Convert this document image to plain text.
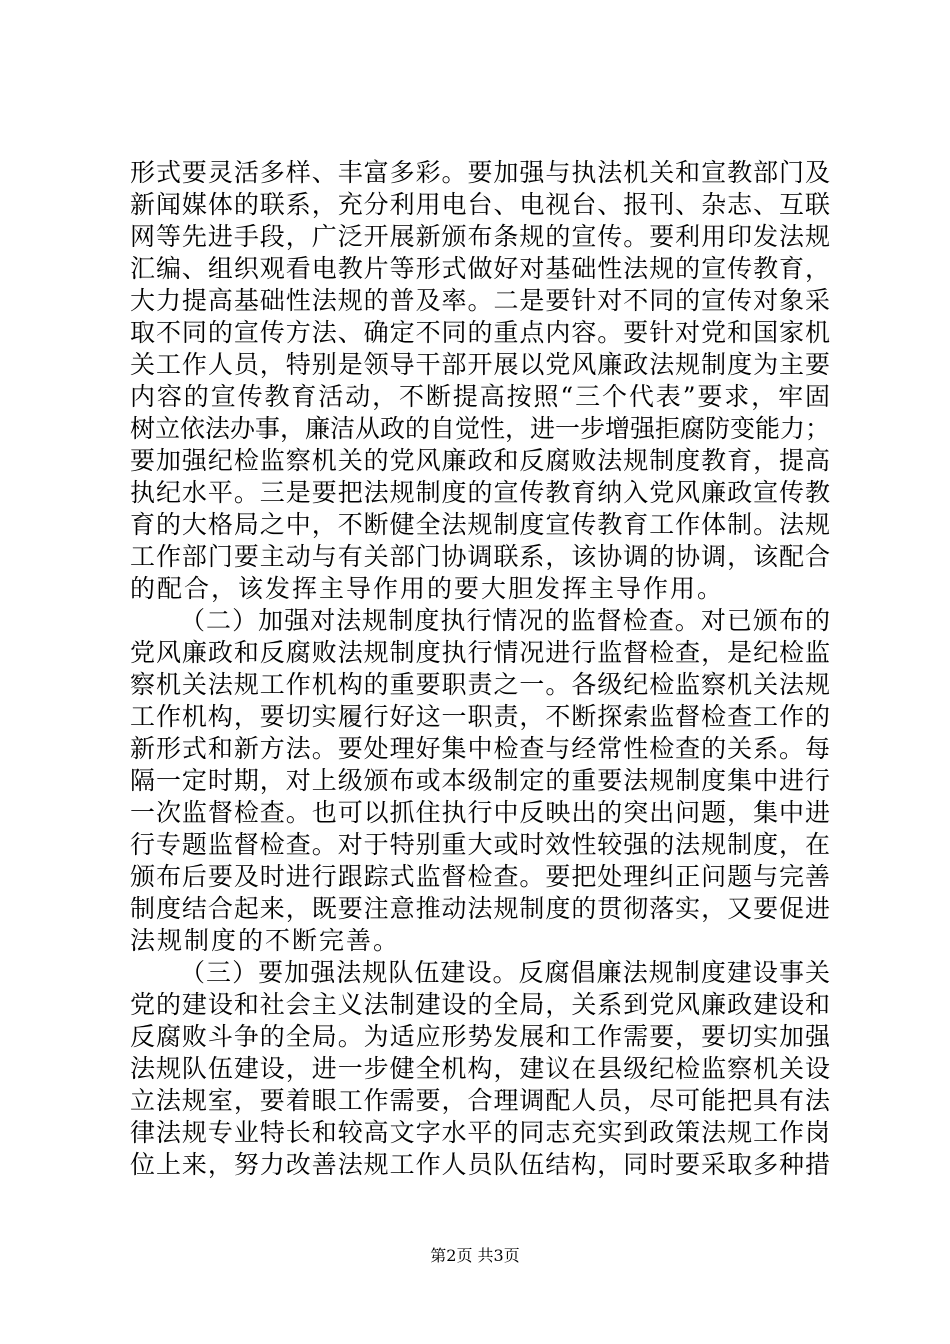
形式要灵活多样、丰富多彩。要加强与执法机关和宣教部门及
新闻媒体的联系，充分利用电台、电视台、报刊、杂志、互联
网等先进手段，广泛开展新颁布条规的宣传。要利用印发法规
汇编、组织观看电教片等形式做好对基础性法规的宣传教育，
大力提高基础性法规的普及率。二是要针对不同的宣传对象采
取不同的宣传方法、确定不同的重点内容。要针对党和国家机
关工作人员，特别是领导干部开展以党风廉政法规制度为主要
内容的宣传教育活动，不断提高按照“三个代表”要求，牢固
树立依法办事，廉洁从政的自觉性，进一步增强拒腐防变能力；
要加强纪检监察机关的党风廉政和反腐败法规制度教育，提高
执纪水平。三是要把法规制度的宣传教育纳入党风廉政宣传教
育的大格局之中，不断健全法规制度宣传教育工作体制。法规
工作部门要主动与有关部门协调联系，该协调的协调，该配合
的配合，该发挥主导作用的要大胆发挥主导作用。
（二）加强对法规制度执行情况的监督检查。对已颁布的
党风廉政和反腐败法规制度执行情况进行监督检查，是纪检监
察机关法规工作机构的重要职责之一。各级纪检监察机关法规
工作机构，要切实履行好这一职责，不断探索监督检查工作的
新形式和新方法。要处理好集中检查与经常性检查的关系。每
隔一定时期，对上级颁布或本级制定的重要法规制度集中进行
一次监督检查。也可以抓住执行中反映出的突出问题，集中进
行专题监督检查。对于特别重大或时效性较强的法规制度，在
颁布后要及时进行跟踪式监督检查。要把处理纠正问题与完善
制度结合起来，既要注意推动法规制度的贯彻落实，又要促进
法规制度的不断完善。
（三）要加强法规队伍建设。反腐倡廉法规制度建设事关
党的建设和社会主义法制建设的全局，关系到党风廉政建设和
反腐败斗争的全局。为适应形势发展和工作需要，要切实加强
法规队伍建设，进一步健全机构，建议在县级纪检监察机关设
立法规室，要着眼工作需要，合理调配人员，尽可能把具有法
律法规专业特长和较高文字水平的同志充实到政策法规工作岗
位上来，努力改善法规工作人员队伍结构，同时要采取多种措
第2页 共3页
